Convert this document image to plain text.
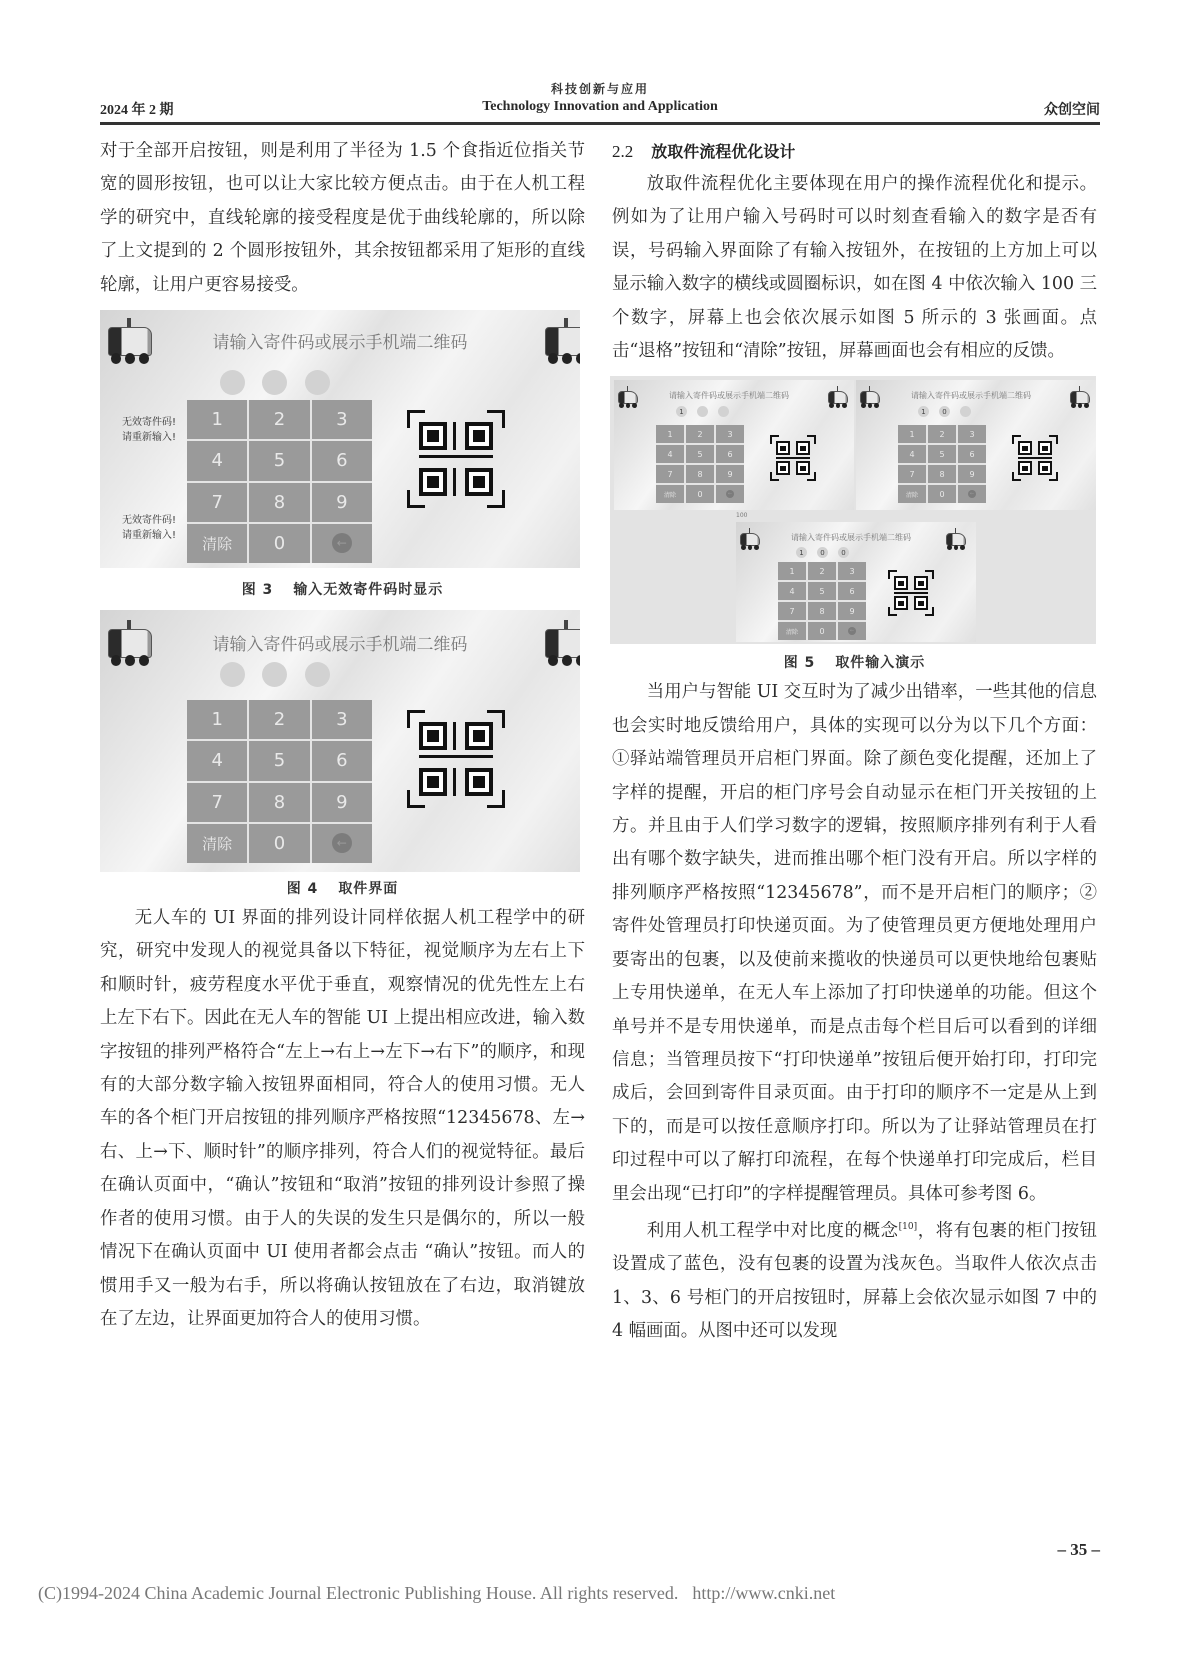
科技创新与应用
2024 年 2 期	Technology Innovation and Application	众创空间

对于全部开启按钮，则是利用了半径为 1.5 个食指近位指关节宽的圆形按钮，也可以让大家比较方便点击。由于在人机工程学的研究中，直线轮廓的接受程度是优于曲线轮廓的，所以除了上文提到的 2 个圆形按钮外，其余按钮都采用了矩形的直线轮廓，让用户更容易接受。

请输入寄件码或展示手机端二维码
无效寄件码!
请重新输入!
无效寄件码!
请重新输入!
1	2	3
4	5	6
7	8	9
清除	0	←
图 3 输入无效寄件码时显示
请输入寄件码或展示手机端二维码
1	2	3
4	5	6
7	8	9
清除	0	←
图 4 取件界面

无人车的 UI 界面的排列设计同样依据人机工程学中的研究，研究中发现人的视觉具备以下特征，视觉顺序为左右上下和顺时针，疲劳程度水平优于垂直，观察情况的优先性左上右上左下右下。因此在无人车的智能 UI 上提出相应改进，输入数字按钮的排列严格符合“左上→右上→左下→右下”的顺序，和现有的大部分数字输入按钮界面相同，符合人的使用习惯。无人车的各个柜门开启按钮的排列顺序严格按照“12345678、左→右、上→下、顺时针”的顺序排列，符合人们的视觉特征。最后在确认页面中，“确认”按钮和“取消”按钮的排列设计参照了操作者的使用习惯。由于人的失误的发生只是偶尔的，所以一般情况下在确认页面中 UI 使用者都会点击 “确认”按钮。而人的惯用手又一般为右手，所以将确认按钮放在了右边，取消键放在了左边，让界面更加符合人的使用习惯。

2.2 放取件流程优化设计

放取件流程优化主要体现在用户的操作流程优化和提示。例如为了让用户输入号码时可以时刻查看输入的数字是否有误，号码输入界面除了有输入按钮外，在按钮的上方加上可以显示输入数字的横线或圆圈标识，如在图 4 中依次输入 100 三个数字，屏幕上也会依次展示如图 5 所示的 3 张画面。点击“退格”按钮和“清除”按钮，屏幕画面也会有相应的反馈。

请输入寄件码或展示手机端二维码
1
1	2	3
4	5	6
7	8	9
清除	0	←
请输入寄件码或展示手机端二维码
1	0
1	2	3
4	5	6
7	8	9
清除	0	←
100
请输入寄件码或展示手机端二维码
1	0	0
1	2	3
4	5	6
7	8	9
清除	0	←
图 5 取件输入演示

当用户与智能 UI 交互时为了减少出错率，一些其他的信息也会实时地反馈给用户，具体的实现可以分为以下几个方面：①驿站端管理员开启柜门界面。除了颜色变化提醒，还加上了字样的提醒，开启的柜门序号会自动显示在柜门开关按钮的上方。并且由于人们学习数字的逻辑，按照顺序排列有利于人看出有哪个数字缺失，进而推出哪个柜门没有开启。所以字样的排列顺序严格按照“12345678”，而不是开启柜门的顺序；②寄件处管理员打印快递页面。为了使管理员更方便地处理用户要寄出的包裹，以及使前来揽收的快递员可以更快地给包裹贴上专用快递单，在无人车上添加了打印快递单的功能。但这个单号并不是专用快递单，而是点击每个栏目后可以看到的详细信息；当管理员按下“打印快递单”按钮后便开始打印，打印完成后，会回到寄件目录页面。由于打印的顺序不一定是从上到下的，而是可以按任意顺序打印。所以为了让驿站管理员在打印过程中可以了解打印流程，在每个快递单打印完成后，栏目里会出现“已打印”的字样提醒管理员。具体可参考图 6。

利用人机工程学中对比度的概念[10]，将有包裹的柜门按钮设置成了蓝色，没有包裹的设置为浅灰色。当取件人依次点击 1、3、6 号柜门的开启按钮时，屏幕上会依次显示如图 7 中的 4 幅画面。从图中还可以发现

– 35 –
(C)1994-2024 China Academic Journal Electronic Publishing House. All rights reserved. http://www.cnki.net
